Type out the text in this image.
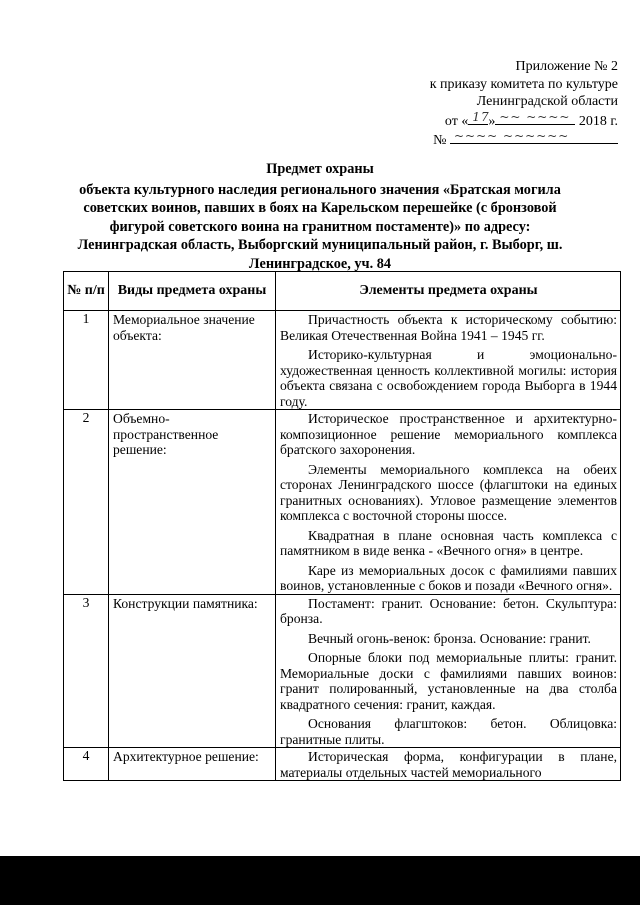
Приложение № 2
к приказу комитета по культуре
Ленинградской области
от « 17
» ~~ ~~~~ 2018 г.
№ ~~~~ ~~~~~~
Предмет охраны
объекта культурного наследия регионального значения «Братская могила советских воинов, павших в боях на Карельском перешейке (с бронзовой фигурой советского воина на гранитном постаменте)» по адресу: Ленинградская область, Выборгский муниципальный район, г. Выборг, ш. Ленинградское, уч. 84
№ п/п	Виды предмета охраны	Элементы предмета охраны
1	Мемориальное значение объекта:	Причастность объекта к историческому событию: Великая Отечественная Война 1941 – 1945 гг.

Историко-культурная и эмоционально-художественная ценность коллективной могилы: история объекта связана с освобождением города Выборга в 1944 году.

2	Объемно-пространственное решение:	Историческое пространственное и архитектурно-композиционное решение мемориального комплекса братского захоронения.

Элементы мемориального комплекса на обеих сторонах Ленинградского шоссе (флагштоки на единых гранитных основаниях). Угловое размещение элементов комплекса с восточной стороны шоссе.

Квадратная в плане основная часть комплекса с памятником в виде венка - «Вечного огня» в центре.

Каре из мемориальных досок с фамилиями павших воинов, установленные с боков и позади «Вечного огня».

3	Конструкции памятника:	Постамент: гранит. Основание: бетон. Скульптура: бронза.

Вечный огонь-венок: бронза. Основание: гранит.

Опорные блоки под мемориальные плиты: гранит. Мемориальные доски с фамилиями павших воинов: гранит полированный, установленные на два столба квадратного сечения: гранит, каждая.

Основания флагштоков: бетон. Облицовка: гранитные плиты.

4	Архитектурное решение:	Историческая форма, конфигурации в плане, материалы отдельных частей мемориального
